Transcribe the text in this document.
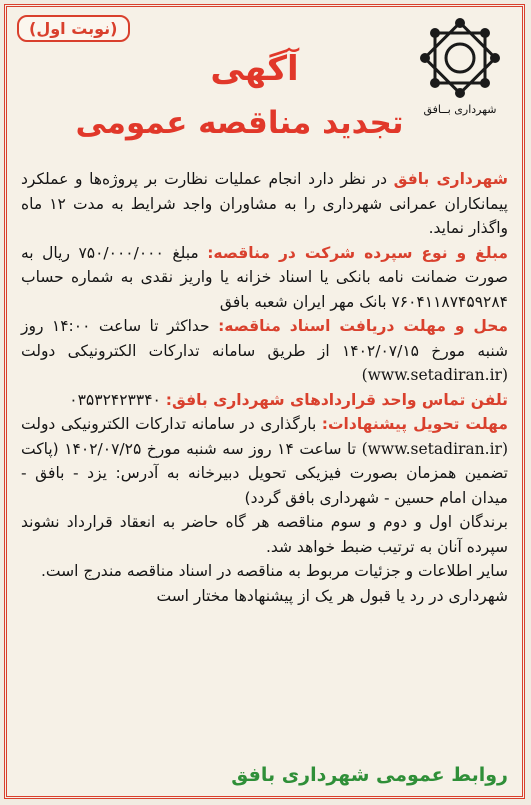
(نوبت اول)
شهرداری بــافق
آگهی
تجدید مناقصه عمومی

شهرداری بافق در نظر دارد انجام عملیات نظارت بر پروژه‌ها و عملکرد پیمانکاران عمرانی شهرداری را به مشاوران واجد شرایط به مدت ۱۲ ماه واگذار نماید.

مبلغ و نوع سپرده شرکت در مناقصه: مبلغ ۷۵۰/۰۰۰/۰۰۰ ریال به صورت ضمانت نامه بانکی یا اسناد خزانه یا واریز نقدی به شماره حساب ۷۶۰۴۱۱۸۷۴۵۹۲۸۴ بانک مهر ایران شعبه بافق

محل و مهلت دریافت اسناد مناقصه: حداکثر تا ساعت ۱۴:۰۰ روز شنبه مورخ ۱۴۰۲/۰۷/۱۵ از طریق سامانه تدارکات الکترونیکی دولت (www.setadiran.ir)

تلفن تماس واحد قراردادهای شهرداری بافق: ۰۳۵۳۲۴۲۳۳۴۰

مهلت تحویل پیشنهادات: بارگذاری در سامانه تدارکات الکترونیکی دولت (www.setadiran.ir) تا ساعت ۱۴ روز سه شنبه مورخ ۱۴۰۲/۰۷/۲۵ (پاکت تضمین همزمان بصورت فیزیکی تحویل دبیرخانه به آدرس: یزد - بافق - میدان امام حسین - شهرداری بافق گردد)

برندگان اول و دوم و سوم مناقصه هر گاه حاضر به انعقاد قرارداد نشوند سپرده آنان به ترتیب ضبط خواهد شد.

سایر اطلاعات و جزئیات مربوط به مناقصه در اسناد مناقصه مندرج است.

شهرداری در رد یا قبول هر یک از پیشنهادها مختار است

روابط عمومی شهرداری بافق
